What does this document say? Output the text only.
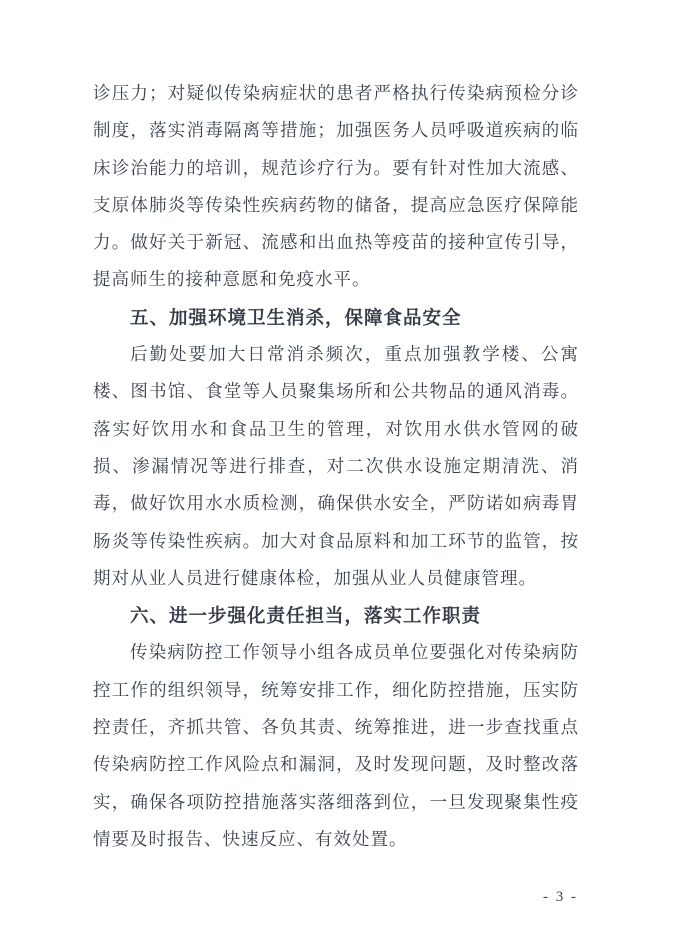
诊压力；对疑似传染病症状的患者严格执行传染病预检分诊制度，落实消毒隔离等措施；加强医务人员呼吸道疾病的临床诊治能力的培训，规范诊疗行为。要有针对性加大流感、支原体肺炎等传染性疾病药物的储备，提高应急医疗保障能力。做好关于新冠、流感和出血热等疫苗的接种宣传引导，提高师生的接种意愿和免疫水平。

五、加强环境卫生消杀，保障食品安全

后勤处要加大日常消杀频次，重点加强教学楼、公寓楼、图书馆、食堂等人员聚集场所和公共物品的通风消毒。落实好饮用水和食品卫生的管理，对饮用水供水管网的破损、渗漏情况等进行排查，对二次供水设施定期清洗、消毒，做好饮用水水质检测，确保供水安全，严防诺如病毒胃肠炎等传染性疾病。加大对食品原料和加工环节的监管，按期对从业人员进行健康体检，加强从业人员健康管理。

六、进一步强化责任担当，落实工作职责

传染病防控工作领导小组各成员单位要强化对传染病防控工作的组织领导，统筹安排工作，细化防控措施，压实防控责任，齐抓共管、各负其责、统筹推进，进一步查找重点传染病防控工作风险点和漏洞，及时发现问题，及时整改落实，确保各项防控措施落实落细落到位，一旦发现聚集性疫情要及时报告、快速反应、有效处置。

- 3 -
